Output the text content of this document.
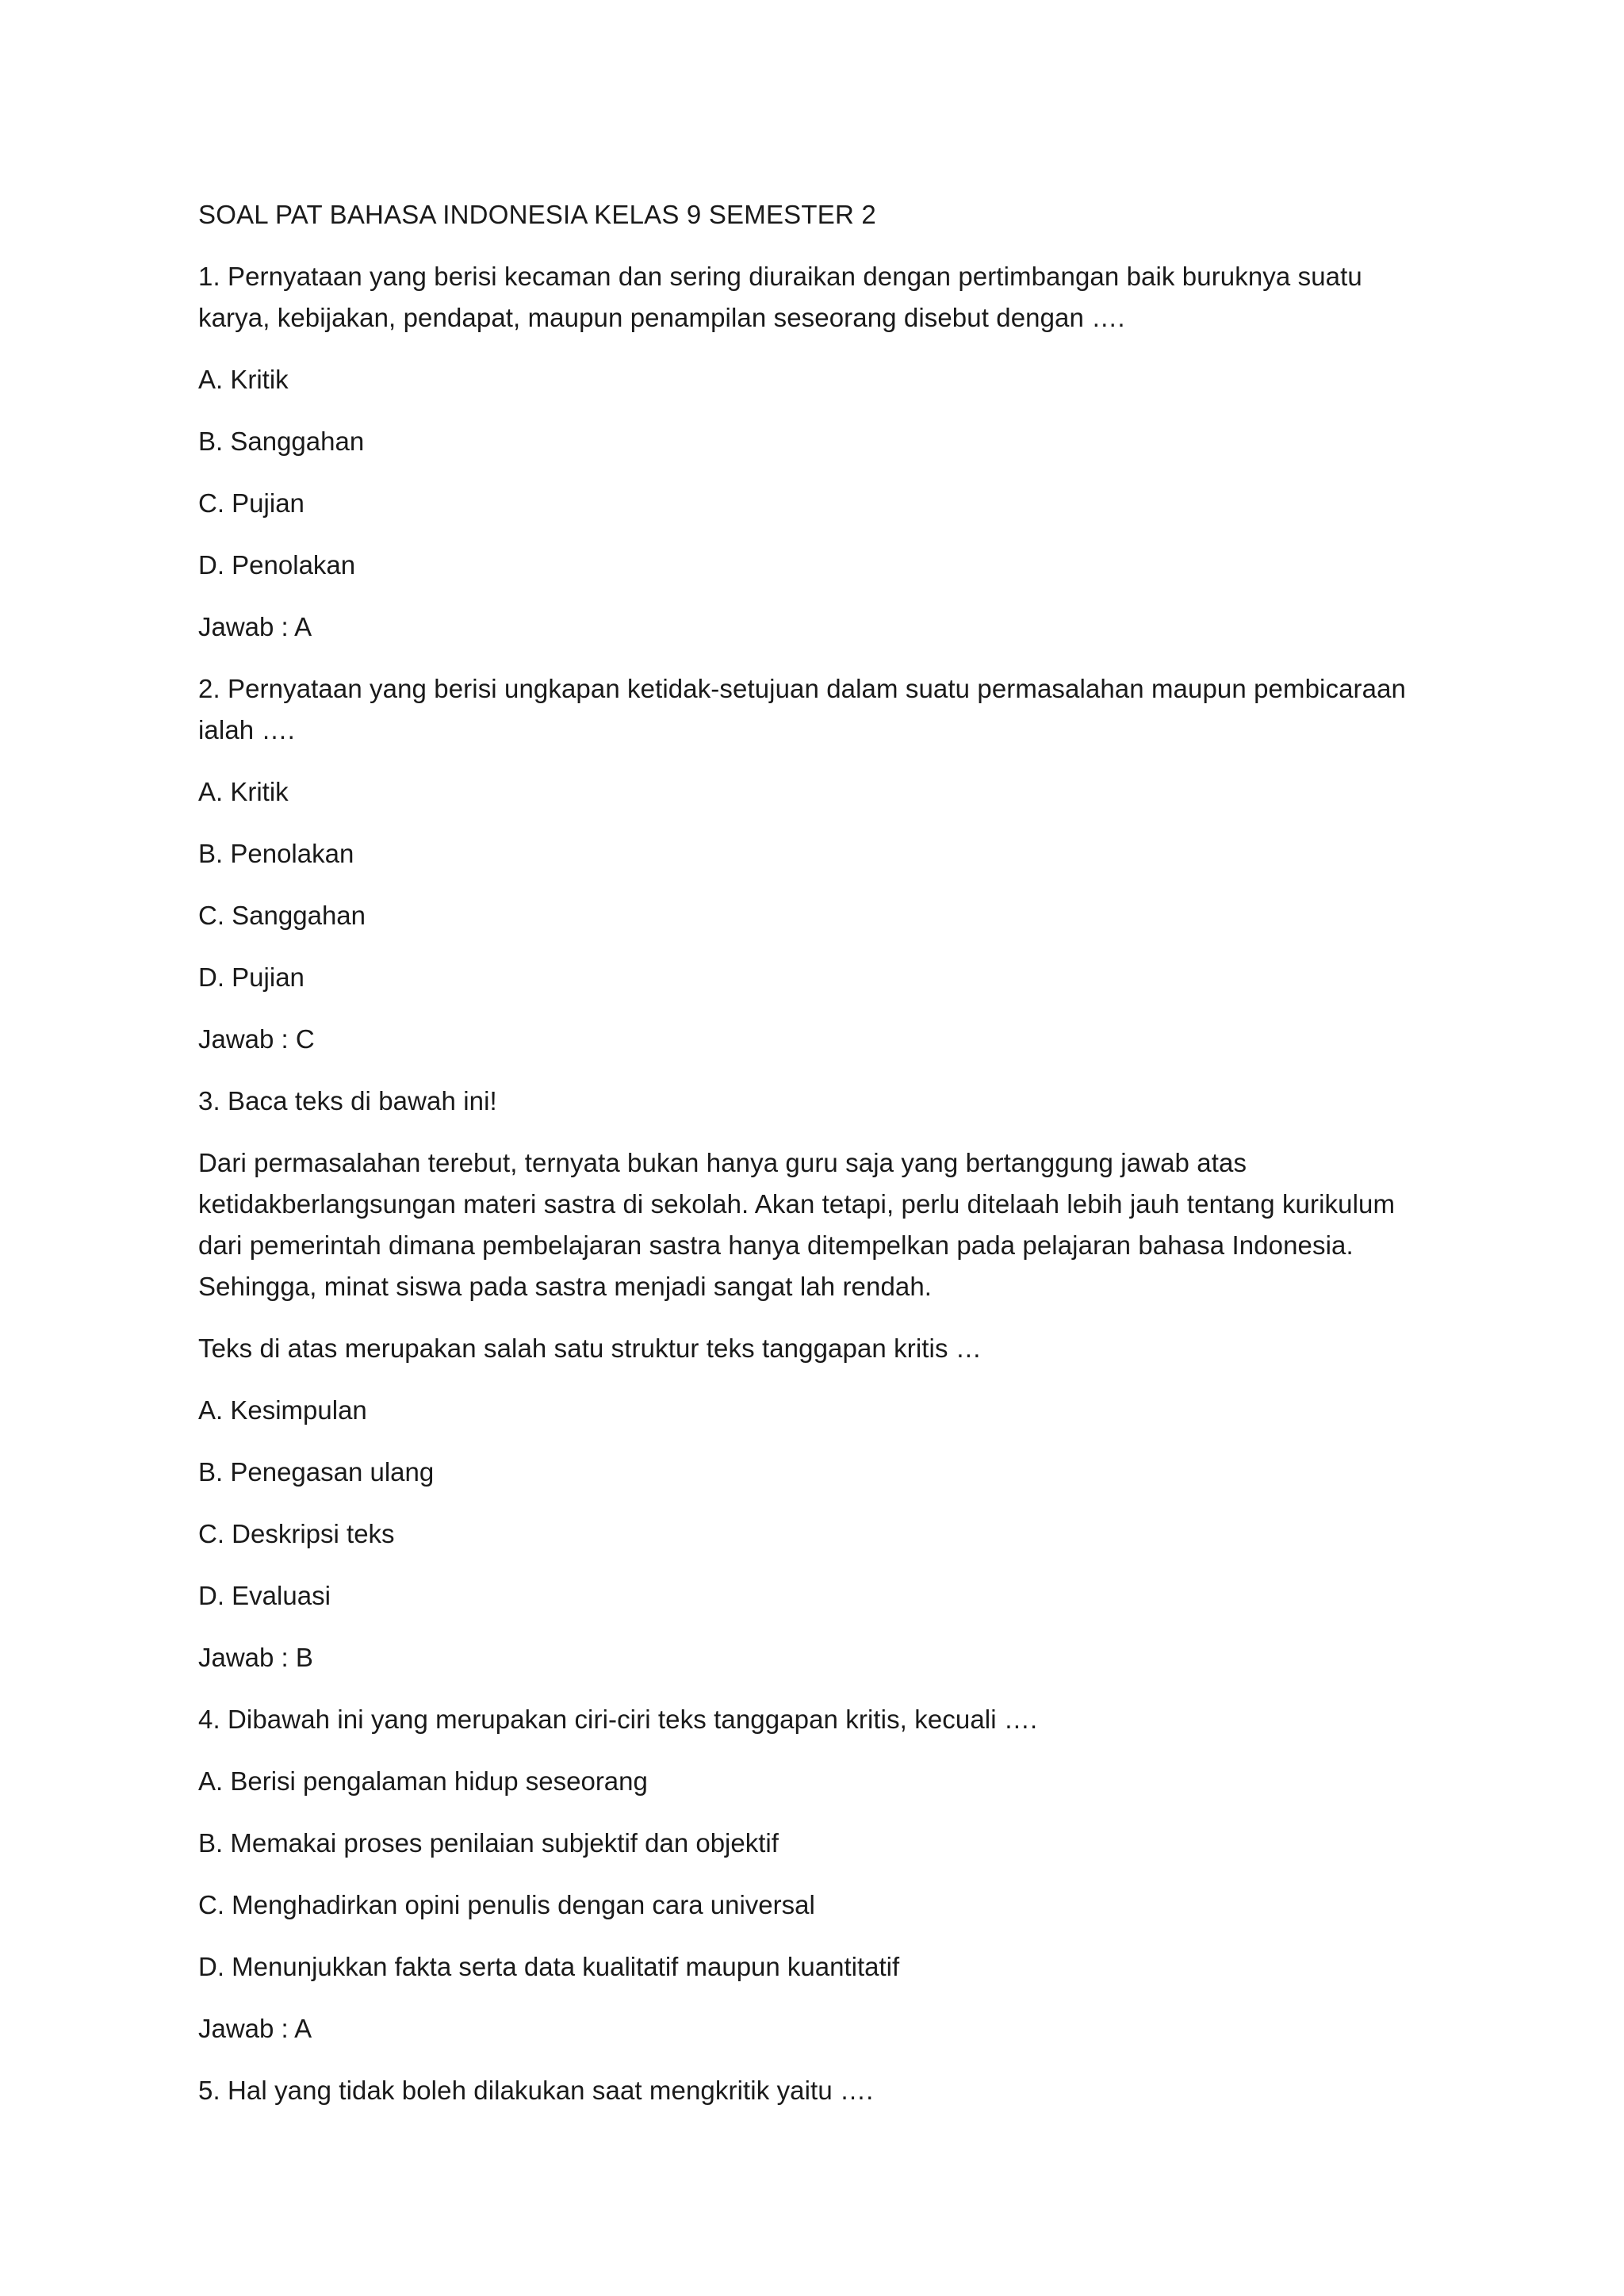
SOAL PAT BAHASA INDONESIA KELAS 9 SEMESTER 2

1. Pernyataan yang berisi kecaman dan sering diuraikan dengan pertimbangan baik buruknya suatu karya, kebijakan, pendapat, maupun penampilan seseorang disebut dengan ….

A. Kritik

B. Sanggahan

C. Pujian

D. Penolakan

Jawab : A

2. Pernyataan yang berisi ungkapan ketidak-setujuan dalam suatu permasalahan maupun pembicaraan ialah ….

A. Kritik

B. Penolakan

C. Sanggahan

D. Pujian

Jawab : C

3. Baca teks di bawah ini!

Dari permasalahan terebut, ternyata bukan hanya guru saja yang bertanggung jawab atas ketidakberlangsungan materi sastra di sekolah. Akan tetapi, perlu ditelaah lebih jauh tentang kurikulum dari pemerintah dimana pembelajaran sastra hanya ditempelkan pada pelajaran bahasa Indonesia. Sehingga, minat siswa pada sastra menjadi sangat lah rendah.

Teks di atas merupakan salah satu struktur teks tanggapan kritis …

A. Kesimpulan

B. Penegasan ulang

C. Deskripsi teks

D. Evaluasi

Jawab : B

4. Dibawah ini yang merupakan ciri-ciri teks tanggapan kritis, kecuali ….

A. Berisi pengalaman hidup seseorang

B. Memakai proses penilaian subjektif dan objektif

C. Menghadirkan opini penulis dengan cara universal

D. Menunjukkan fakta serta data kualitatif maupun kuantitatif

Jawab : A

5. Hal yang tidak boleh dilakukan saat mengkritik yaitu ….
